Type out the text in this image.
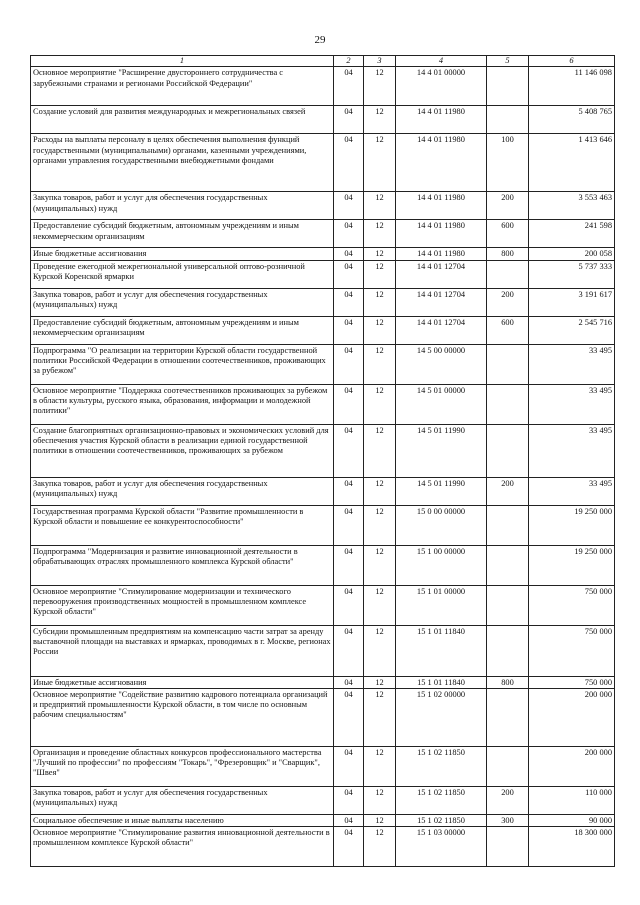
29
1	2	3	4	5	6
Основное мероприятие "Расширение двустороннего сотрудничества с зарубежными странами и регионами Российской Федерации"	04	12	14 4 01 00000		11 146 098
Создание условий для развития международных и межрегиональных связей	04	12	14 4 01 11980		5 408 765
Расходы на выплаты персоналу в целях обеспечения выполнения функций государственными (муниципальными) органами, казенными учреждениями, органами управления государственными внебюджетными фондами	04	12	14 4 01 11980	100	1 413 646
Закупка товаров, работ и услуг для обеспечения государственных (муниципальных) нужд	04	12	14 4 01 11980	200	3 553 463
Предоставление субсидий бюджетным, автономным учреждениям и иным некоммерческим организациям	04	12	14 4 01 11980	600	241 598
Иные бюджетные ассигнования	04	12	14 4 01 11980	800	200 058
Проведение ежегодной межрегиональной универсальной оптово-розничной Курской Коренской ярмарки	04	12	14 4 01 12704		5 737 333
Закупка товаров, работ и услуг для обеспечения государственных (муниципальных) нужд	04	12	14 4 01 12704	200	3 191 617
Предоставление субсидий бюджетным, автономным учреждениям и иным некоммерческим организациям	04	12	14 4 01 12704	600	2 545 716
Подпрограмма "О реализации на территории Курской области государственной политики Российской Федерации в отношении соотечественников, проживающих за рубежом"	04	12	14 5 00 00000		33 495
Основное мероприятие "Поддержка соотечественников проживающих за рубежом в области культуры, русского языка, образования, информации и молодежной политики"	04	12	14 5 01 00000		33 495
Создание благоприятных организационно-правовых и экономических условий для обеспечения участия Курской области в реализации единой государственной политики в отношении соотечественников, проживающих за рубежом	04	12	14 5 01 11990		33 495
Закупка товаров, работ и услуг для обеспечения государственных (муниципальных) нужд	04	12	14 5 01 11990	200	33 495
Государственная программа Курской области "Развитие промышленности в Курской области и повышение ее конкурентоспособности"	04	12	15 0 00 00000		19 250 000
Подпрограмма "Модернизация и развитие инновационной деятельности в обрабатывающих отраслях промышленного комплекса Курской области"	04	12	15 1 00 00000		19 250 000
Основное мероприятие "Стимулирование модернизации и технического перевооружения производственных мощностей в промышленном комплексе Курской области"	04	12	15 1 01 00000		750 000
Субсидии промышленным предприятиям на компенсацию части затрат за аренду выставочной площади на выставках и ярмарках, проводимых в г. Москве, регионах России	04	12	15 1 01 11840		750 000
Иные бюджетные ассигнования	04	12	15 1 01 11840	800	750 000
Основное мероприятие "Содействие развитию кадрового потенциала организаций и предприятий промышленности Курской области, в том числе по основным рабочим специальностям"	04	12	15 1 02 00000		200 000
Организация и проведение областных конкурсов профессионального мастерства "Лучший по профессии" по профессиям "Токарь", "Фрезеровщик" и "Сварщик", "Швея"	04	12	15 1 02 11850		200 000
Закупка товаров, работ и услуг для обеспечения государственных (муниципальных) нужд	04	12	15 1 02 11850	200	110 000
Социальное обеспечение и иные выплаты населению	04	12	15 1 02 11850	300	90 000
Основное мероприятие "Стимулирование развития инновационной деятельности в промышленном комплексе Курской области"	04	12	15 1 03 00000		18 300 000
